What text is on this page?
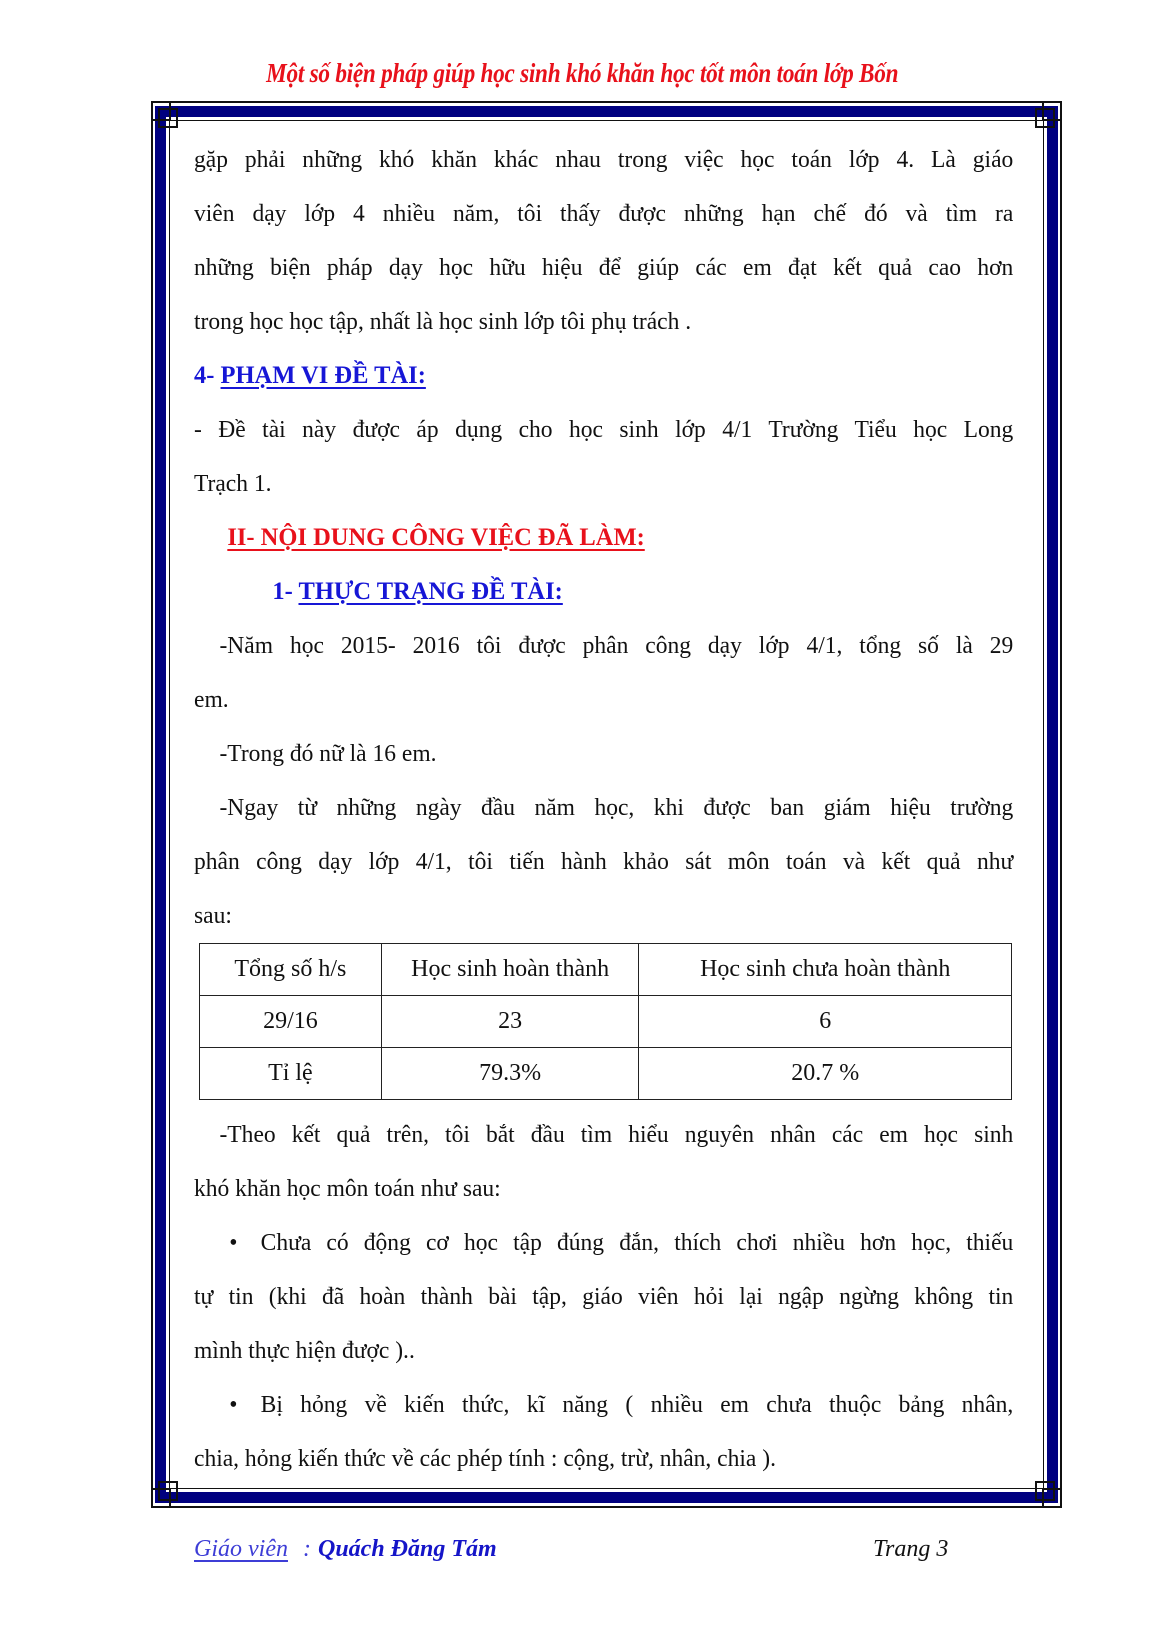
Một số biện pháp giúp học sinh khó khăn học tốt môn toán lớp Bốn
gặp phải những khó khăn khác nhau trong việc học toán lớp 4. Là giáo
viên dạy lớp 4 nhiều năm, tôi thấy được những hạn chế đó và tìm ra
những biện pháp dạy học hữu hiệu để giúp các em đạt kết quả cao hơn
trong học học tập, nhất là học sinh lớp tôi phụ trách .
4- PHẠM VI ĐỀ TÀI:
- Đề tài này được áp dụng cho học sinh lớp 4/1 Trường Tiểu học Long
Trạch 1.
II- NỘI DUNG CÔNG VIỆC ĐÃ LÀM:
1- THỰC TRẠNG ĐỀ TÀI:
-Năm học 2015- 2016 tôi được phân công dạy lớp 4/1, tổng số là 29
em.
-Trong đó nữ là 16 em.
-Ngay từ những ngày đầu năm học, khi được ban giám hiệu trường
phân công dạy lớp 4/1, tôi tiến hành khảo sát môn toán và kết quả như
sau:
Tổng số h/s	Học sinh hoàn thành	Học sinh chưa hoàn thành
29/16	23	6
Tỉ lệ	79.3%	20.7 %
-Theo kết quả trên, tôi bắt đầu tìm hiểu nguyên nhân các em học sinh
khó khăn học môn toán như sau:
• Chưa có động cơ học tập đúng đắn, thích chơi nhiều hơn học, thiếu
tự tin (khi đã hoàn thành bài tập, giáo viên hỏi lại ngập ngừng không tin
mình thực hiện được )..
• Bị hỏng về kiến thức, kĩ năng ( nhiều em chưa thuộc bảng nhân,
chia, hỏng kiến thức về các phép tính : cộng, trừ, nhân, chia ).
Giáo viên : Quách Đăng Tám	Trang 3
